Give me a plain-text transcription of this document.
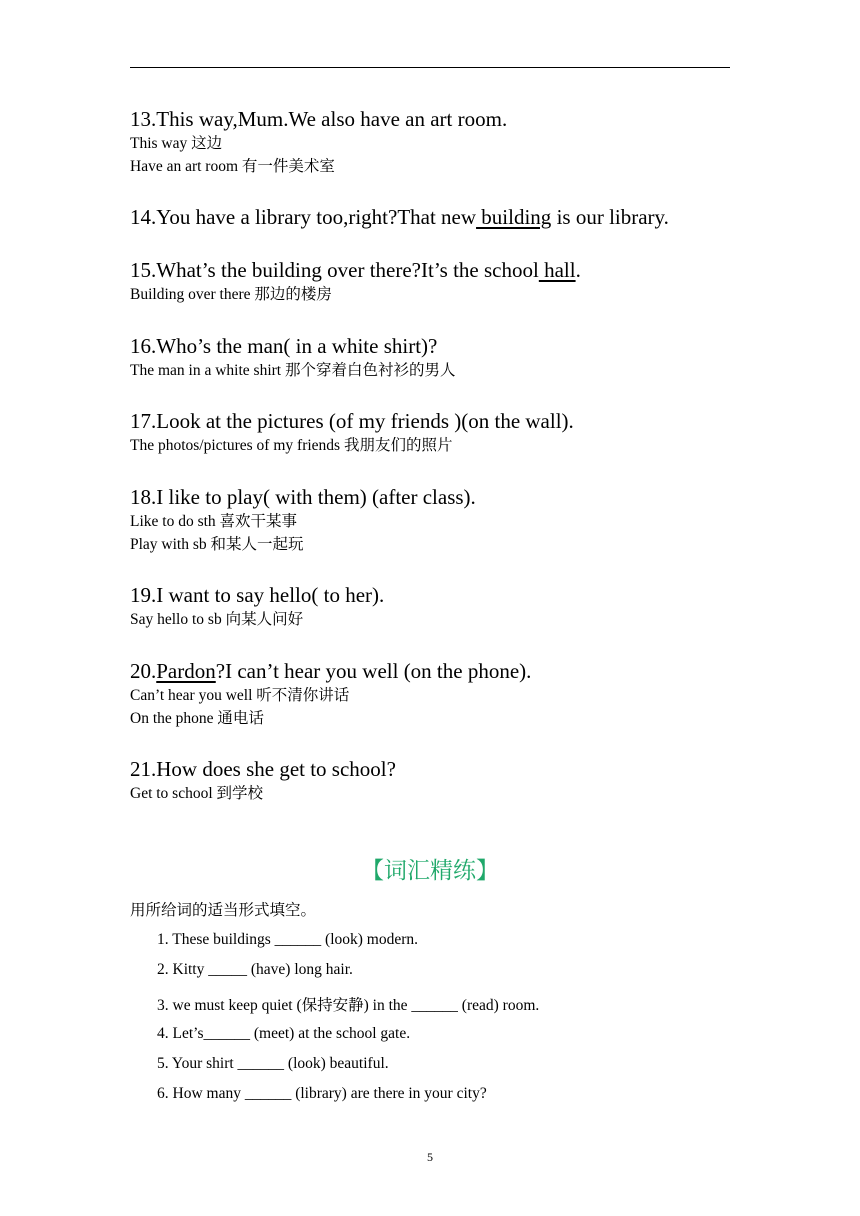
13.This way,Mum.We also have an art room.
This way 这边
Have an art room 有一件美术室
14.You have a library too,right?That new building is our library.
15.What’s the building over there?It’s the school hall.
Building over there 那边的楼房
16.Who’s the man( in a white shirt)?
The man in a white shirt 那个穿着白色衬衫的男人
17.Look at the pictures (of my friends )(on the wall).
The photos/pictures of my friends 我朋友们的照片
18.I like to play( with them) (after class).
Like to do sth 喜欢干某事
Play with sb 和某人一起玩
19.I want to say hello( to her).
Say hello to sb 向某人问好
20.Pardon?I can’t hear you well (on the phone).
Can’t hear you well 听不清你讲话
On the phone 通电话
21.How does she get to school?
Get to school 到学校
【词汇精练】
用所给词的适当形式填空。
1. These buildings ______ (look) modern.
2. Kitty _____ (have) long hair.
3. we must keep quiet (保持安静) in the ______ (read) room.
4. Let’s______ (meet) at the school gate.
5. Your shirt ______ (look) beautiful.
6. How many ______ (library) are there in your city?
5
